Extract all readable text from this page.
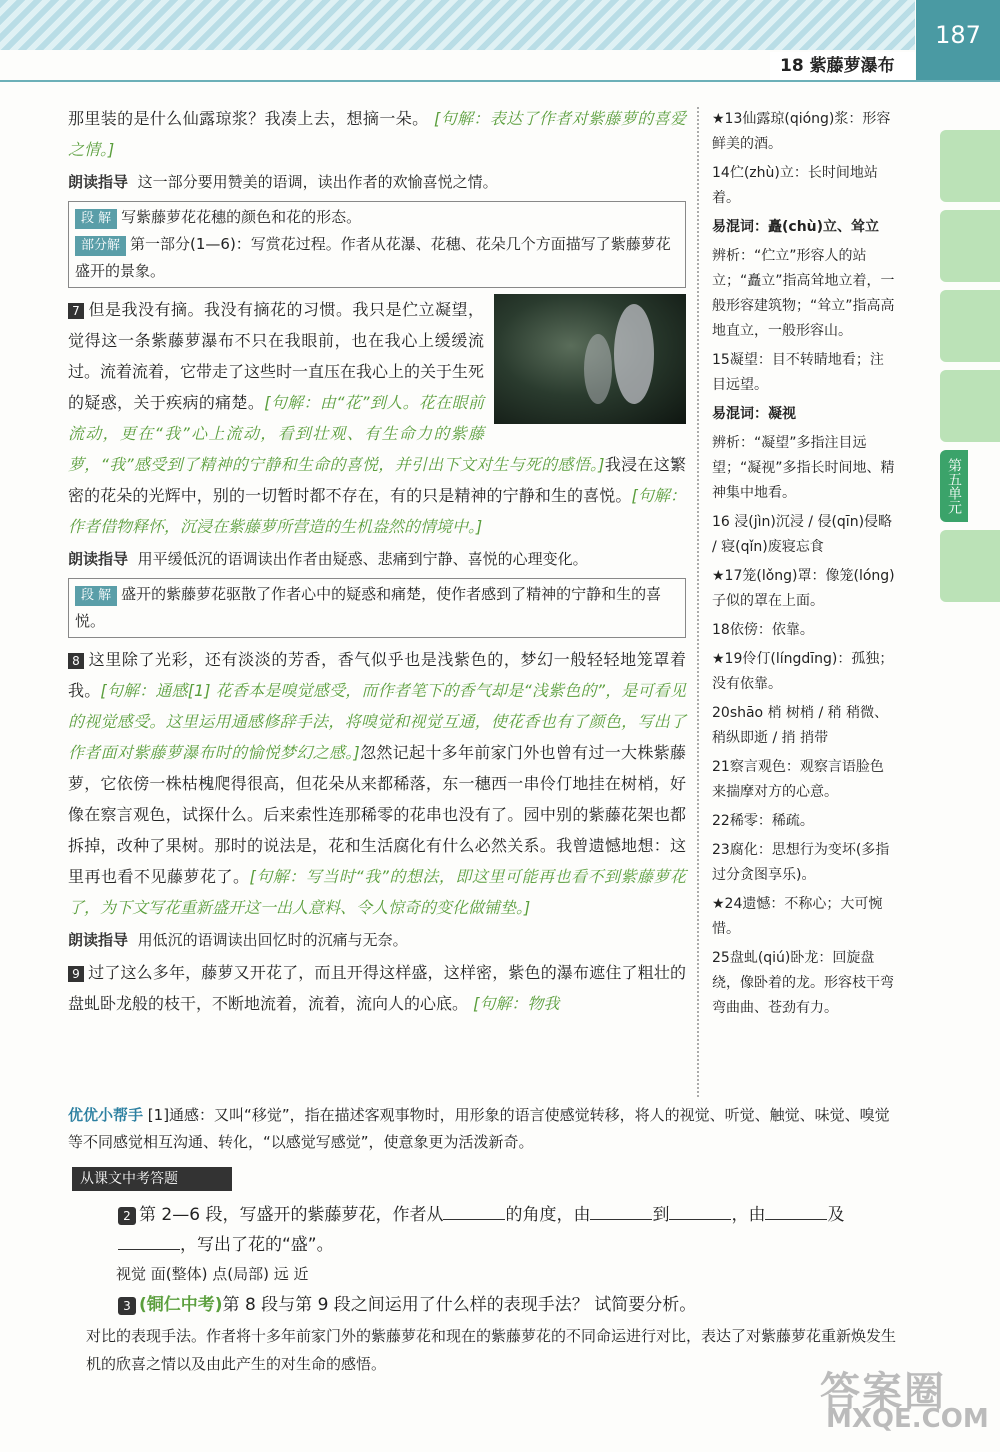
18 紫藤萝瀑布
187

那里装的是什么仙露琼浆？我凑上去，想摘一朵。 [句解：表达了作者对紫藤萝的喜爱之情。]

朗读指导 这一部分要用赞美的语调，读出作者的欢愉喜悦之情。
段 解 写紫藤萝花花穗的颜色和花的形态。
部分解 第一部分(1—6)：写赏花过程。作者从花瀑、花穗、花朵几个方面描写了紫藤萝花盛开的景象。

7 但是我没有摘。我没有摘花的习惯。我只是伫立凝望，觉得这一条紫藤萝瀑布不只在我眼前，也在我心上缓缓流过。流着流着，它带走了这些时一直压在我心上的关于生死的疑惑，关于疾病的痛楚。[句解：由“花”到人。花在眼前流动，更在“我”心上流动，看到壮观、有生命力的紫藤萝，“我”感受到了精神的宁静和生命的喜悦，并引出下文对生与死的感悟。]我浸在这繁密的花朵的光辉中，别的一切暂时都不存在，有的只是精神的宁静和生的喜悦。[句解：作者借物释怀，沉浸在紫藤萝所营造的生机盎然的情境中。]

朗读指导 用平缓低沉的语调读出作者由疑惑、悲痛到宁静、喜悦的心理变化。
段 解 盛开的紫藤萝花驱散了作者心中的疑惑和痛楚，使作者感到了精神的宁静和生的喜悦。

8 这里除了光彩，还有淡淡的芳香，香气似乎也是浅紫色的，梦幻一般轻轻地笼罩着我。[句解：通感[1] 花香本是嗅觉感受，而作者笔下的香气却是“浅紫色的”，是可看见的视觉感受。这里运用通感修辞手法，将嗅觉和视觉互通，使花香也有了颜色，写出了作者面对紫藤萝瀑布时的愉悦梦幻之感。]忽然记起十多年前家门外也曾有过一大株紫藤萝，它依傍一株枯槐爬得很高，但花朵从来都稀落，东一穗西一串伶仃地挂在树梢，好像在察言观色，试探什么。后来索性连那稀零的花串也没有了。园中别的紫藤花架也都拆掉，改种了果树。那时的说法是，花和生活腐化有什么必然关系。我曾遗憾地想：这里再也看不见藤萝花了。[句解：写当时“我”的想法，即这里可能再也看不到紫藤萝花了，为下文写花重新盛开这一出人意料、令人惊奇的变化做铺垫。]

朗读指导 用低沉的语调读出回忆时的沉痛与无奈。

9 过了这么多年，藤萝又开花了，而且开得这样盛，这样密，紫色的瀑布遮住了粗壮的盘虬卧龙般的枝干，不断地流着，流着，流向人的心底。 [句解：物我

★13仙露琼(qióng)浆：形容鲜美的酒。
14伫(zhù)立：长时间地站着。
易混词：矗(chù)立、耸立
辨析：“伫立”形容人的站立；“矗立”指高耸地立着，一般形容建筑物；“耸立”指高高地直立，一般形容山。
15凝望：目不转睛地看；注目远望。
易混词：凝视
辨析：“凝望”多指注目远望；“凝视”多指长时间地、精神集中地看。
16 浸(jìn)沉浸 / 侵(qīn)侵略 / 寝(qǐn)废寝忘食
★17笼(lǒng)罩：像笼(lóng)子似的罩在上面。
18依傍：依靠。
★19伶仃(língdīng)：孤独；没有依靠。
20shāo 梢 树梢 / 稍 稍微、稍纵即逝 / 捎 捎带
21察言观色：观察言语脸色来揣摩对方的心意。
22稀零：稀疏。
23腐化：思想行为变坏(多指过分贪图享乐)。
★24遗憾：不称心；大可惋惜。
25盘虬(qiú)卧龙：回旋盘绕，像卧着的龙。形容枝干弯弯曲曲、苍劲有力。
第五单元
优优小帮手 [1]通感：又叫“移觉”，指在描述客观事物时，用形象的语言使感觉转移，将人的视觉、听觉、触觉、味觉、嗅觉等不同感觉相互沟通、转化，“以感觉写感觉”，使意象更为活泼新奇。
从课文中考答题
2 第 2—6 段，写盛开的紫藤萝花，作者从	的角度，由	到	，由	及
，写出了花的“盛”。
视觉 面(整体) 点(局部) 远 近
3 (铜仁中考)第 8 段与第 9 段之间运用了什么样的表现手法？ 试简要分析。
对比的表现手法。作者将十多年前家门外的紫藤萝花和现在的紫藤萝花的不同命运进行对比，表达了对紫藤萝花重新焕发生机的欣喜之情以及由此产生的对生命的感悟。
答案圈
MXQE.COM
